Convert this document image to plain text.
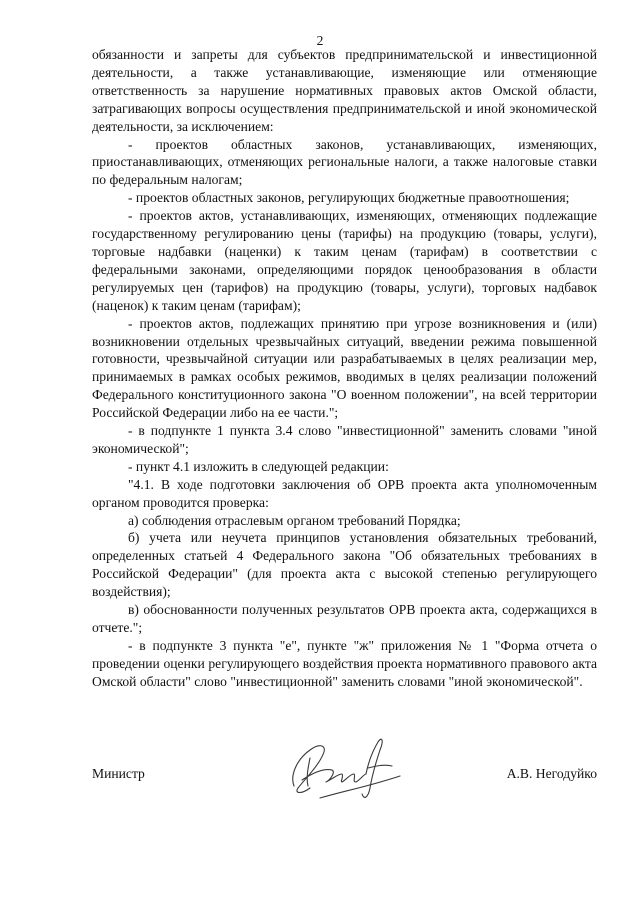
2

обязанности и запреты для субъектов предпринимательской и инвестиционной деятельности, а также устанавливающие, изменяющие или отменяющие ответственность за нарушение нормативных правовых актов Омской области, затрагивающих вопросы осуществления предпринимательской и иной экономической деятельности, за исключением:

- проектов областных законов, устанавливающих, изменяющих, приостанавливающих, отменяющих региональные налоги, а также налоговые ставки по федеральным налогам;

- проектов областных законов, регулирующих бюджетные правоотношения;

- проектов актов, устанавливающих, изменяющих, отменяющих подлежащие государственному регулированию цены (тарифы) на продукцию (товары, услуги), торговые надбавки (наценки) к таким ценам (тарифам) в соответствии с федеральными законами, определяющими порядок ценообразования в области регулируемых цен (тарифов) на продукцию (товары, услуги), торговых надбавок (наценок) к таким ценам (тарифам);

- проектов актов, подлежащих принятию при угрозе возникновения и (или) возникновении отдельных чрезвычайных ситуаций, введении режима повышенной готовности, чрезвычайной ситуации или разрабатываемых в целях реализации мер, принимаемых в рамках особых режимов, вводимых в целях реализации положений Федерального конституционного закона "О военном положении", на всей территории Российской Федерации либо на ее части.";

- в подпункте 1 пункта 3.4 слово "инвестиционной" заменить словами "иной экономической";

- пункт 4.1 изложить в следующей редакции:

"4.1. В ходе подготовки заключения об ОРВ проекта акта уполномоченным органом проводится проверка:

а) соблюдения отраслевым органом требований Порядка;

б) учета или неучета принципов установления обязательных требований, определенных статьей 4 Федерального закона "Об обязательных требованиях в Российской Федерации" (для проекта акта с высокой степенью регулирующего воздействия);

в) обоснованности полученных результатов ОРВ проекта акта, содержащихся в отчете.";

- в подпункте 3 пункта "е", пункте "ж" приложения № 1 "Форма отчета о проведении оценки регулирующего воздействия проекта нормативного правового акта Омской области" слово "инвестиционной" заменить словами "иной экономической".

Министр	А.В. Негодуйко
